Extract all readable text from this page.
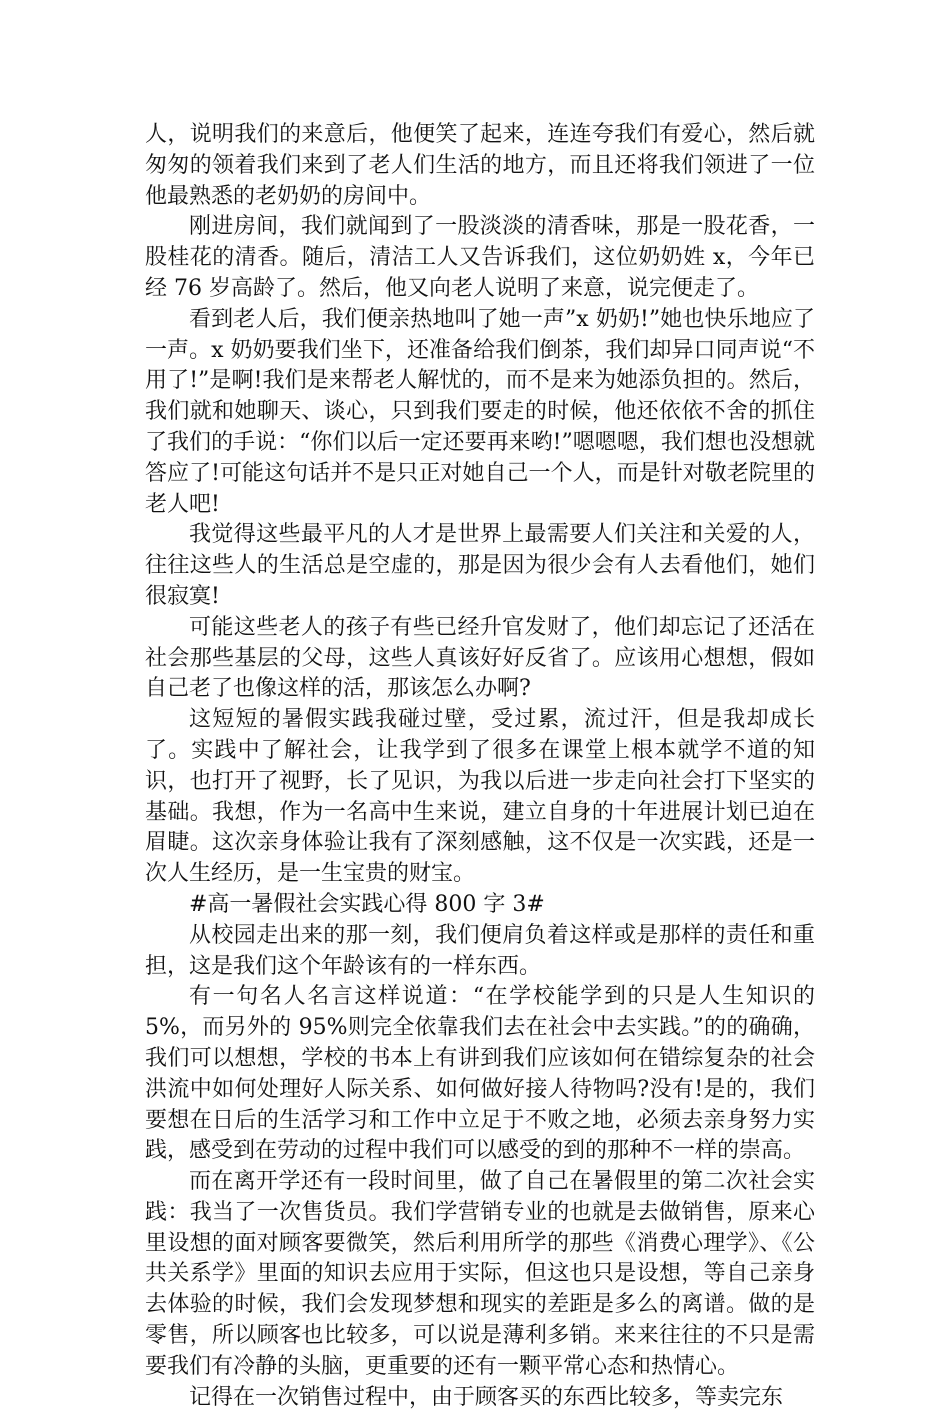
人，说明我们的来意后，他便笑了起来，连连夸我们有爱心，然后就匆匆的领着我们来到了老人们生活的地方，而且还将我们领进了一位他最熟悉的老奶奶的房间中。

刚进房间，我们就闻到了一股淡淡的清香味，那是一股花香，一股桂花的清香。随后，清洁工人又告诉我们，这位奶奶姓 x，今年已经 76 岁高龄了。然后，他又向老人说明了来意，说完便走了。

看到老人后，我们便亲热地叫了她一声”x 奶奶!”她也快乐地应了一声。x 奶奶要我们坐下，还准备给我们倒茶，我们却异口同声说“不用了!”是啊!我们是来帮老人解忧的，而不是来为她添负担的。然后，我们就和她聊天、谈心，只到我们要走的时候，他还依依不舍的抓住了我们的手说：“你们以后一定还要再来哟!”嗯嗯嗯，我们想也没想就答应了!可能这句话并不是只正对她自己一个人，而是针对敬老院里的老人吧!

我觉得这些最平凡的人才是世界上最需要人们关注和关爱的人，往往这些人的生活总是空虚的，那是因为很少会有人去看他们，她们很寂寞!

可能这些老人的孩子有些已经升官发财了，他们却忘记了还活在社会那些基层的父母，这些人真该好好反省了。应该用心想想，假如自己老了也像这样的活，那该怎么办啊?

这短短的暑假实践我碰过壁，受过累，流过汗，但是我却成长了。实践中了解社会，让我学到了很多在课堂上根本就学不道的知识，也打开了视野，长了见识，为我以后进一步走向社会打下坚实的基础。我想，作为一名高中生来说，建立自身的十年进展计划已迫在眉睫。这次亲身体验让我有了深刻感触，这不仅是一次实践，还是一次人生经历，是一生宝贵的财宝。

#高一暑假社会实践心得 800 字 3#

从校园走出来的那一刻，我们便肩负着这样或是那样的责任和重担，这是我们这个年龄该有的一样东西。

有一句名人名言这样说道：“在学校能学到的只是人生知识的5%，而另外的 95%则完全依靠我们去在社会中去实践。”的的确确，我们可以想想，学校的书本上有讲到我们应该如何在错综复杂的社会洪流中如何处理好人际关系、如何做好接人待物吗?没有!是的，我们要想在日后的生活学习和工作中立足于不败之地，必须去亲身努力实践，感受到在劳动的过程中我们可以感受的到的那种不一样的崇高。

而在离开学还有一段时间里，做了自己在暑假里的第二次社会实践：我当了一次售货员。我们学营销专业的也就是去做销售，原来心里设想的面对顾客要微笑，然后利用所学的那些《消费心理学》、《公共关系学》里面的知识去应用于实际，但这也只是设想，等自己亲身去体验的时候，我们会发现梦想和现实的差距是多么的离谱。做的是零售，所以顾客也比较多，可以说是薄利多销。来来往往的不只是需要我们有冷静的头脑，更重要的还有一颗平常心态和热情心。

记得在一次销售过程中，由于顾客买的东西比较多，等卖完东
